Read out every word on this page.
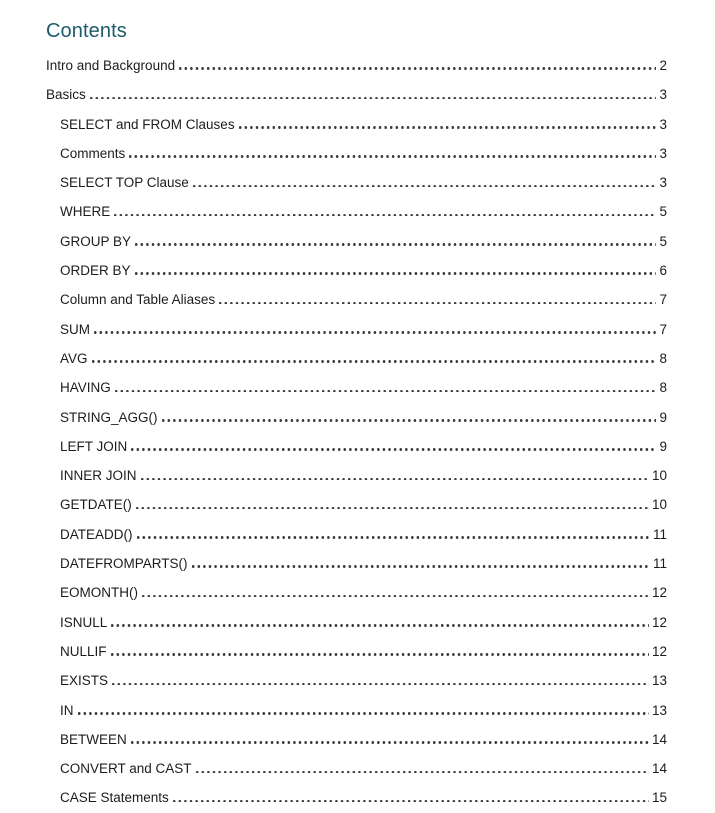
Contents
Intro and Background	2
Basics	3
SELECT and FROM Clauses	3
Comments	3
SELECT TOP Clause	3
WHERE	5
GROUP BY	5
ORDER BY	6
Column and Table Aliases	7
SUM	7
AVG	8
HAVING	8
STRING_AGG()	9
LEFT JOIN	9
INNER JOIN	10
GETDATE()	10
DATEADD()	11
DATEFROMPARTS()	11
EOMONTH()	12
ISNULL	12
NULLIF	12
EXISTS	13
IN	13
BETWEEN	14
CONVERT and CAST	14
CASE Statements	15
